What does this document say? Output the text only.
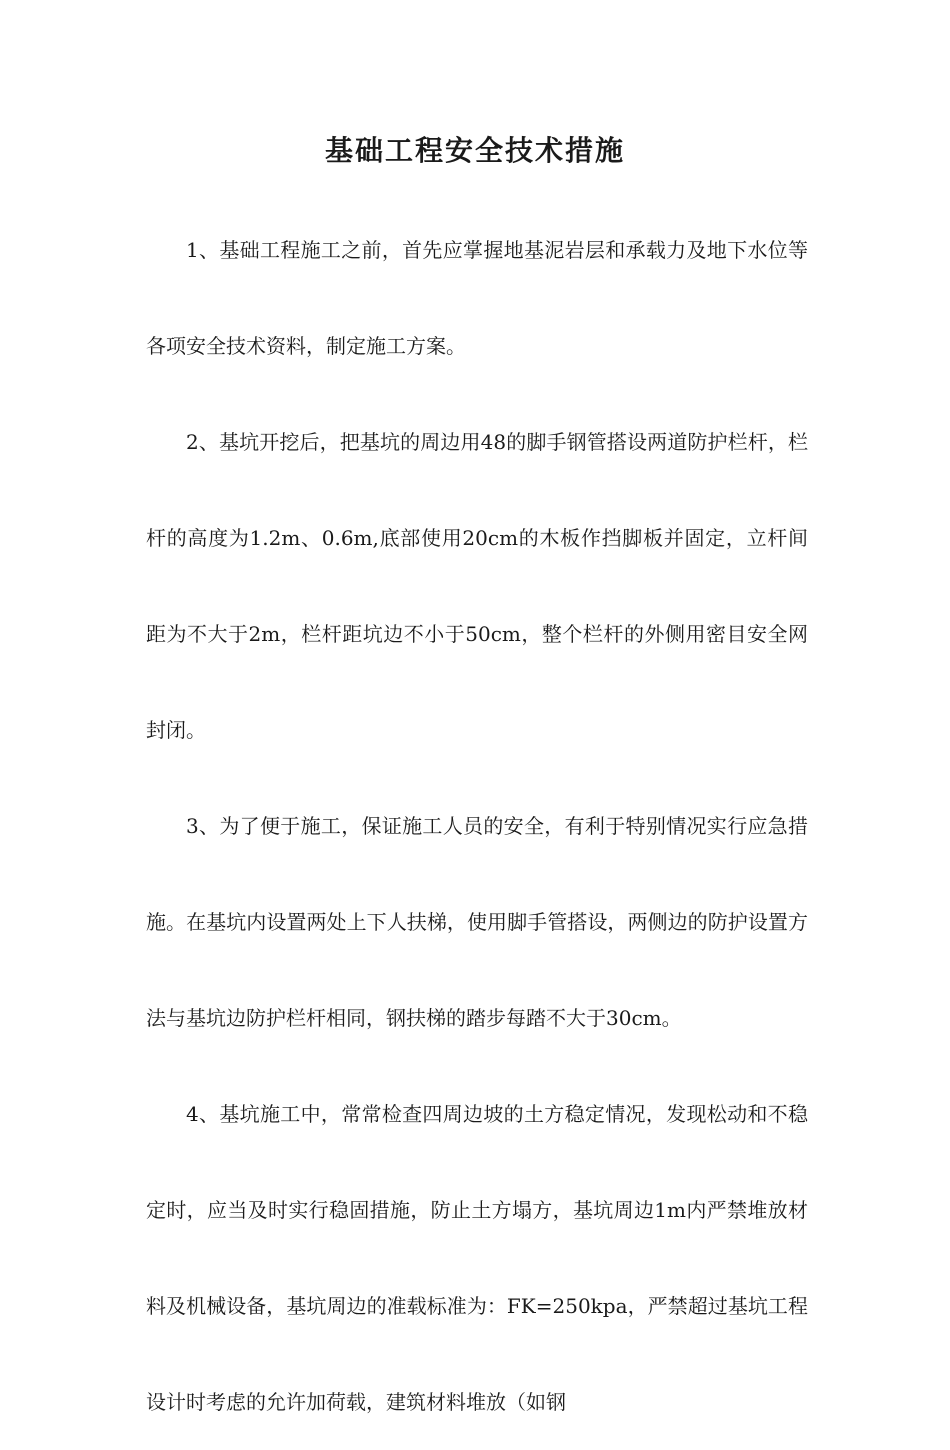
基础工程安全技术措施

1、基础工程施工之前，首先应掌握地基泥岩层和承载力及地下水位等各项安全技术资料，制定施工方案。

2、基坑开挖后，把基坑的周边用48的脚手钢管搭设两道防护栏杆，栏杆的高度为1.2m、0.6m,底部使用20cm的木板作挡脚板并固定，立杆间距为不大于2m，栏杆距坑边不小于50cm，整个栏杆的外侧用密目安全网封闭。

3、为了便于施工，保证施工人员的安全，有利于特别情况实行应急措施。在基坑内设置两处上下人扶梯，使用脚手管搭设，两侧边的防护设置方法与基坑边防护栏杆相同，钢扶梯的踏步每踏不大于30cm。

4、基坑施工中，常常检查四周边坡的土方稳定情况，发现松动和不稳定时，应当及时实行稳固措施，防止土方塌方，基坑周边1m内严禁堆放材料及机械设备，基坑周边的准载标准为：FK=250kpa，严禁超过基坑工程设计时考虑的允许加荷载，建筑材料堆放（如钢
